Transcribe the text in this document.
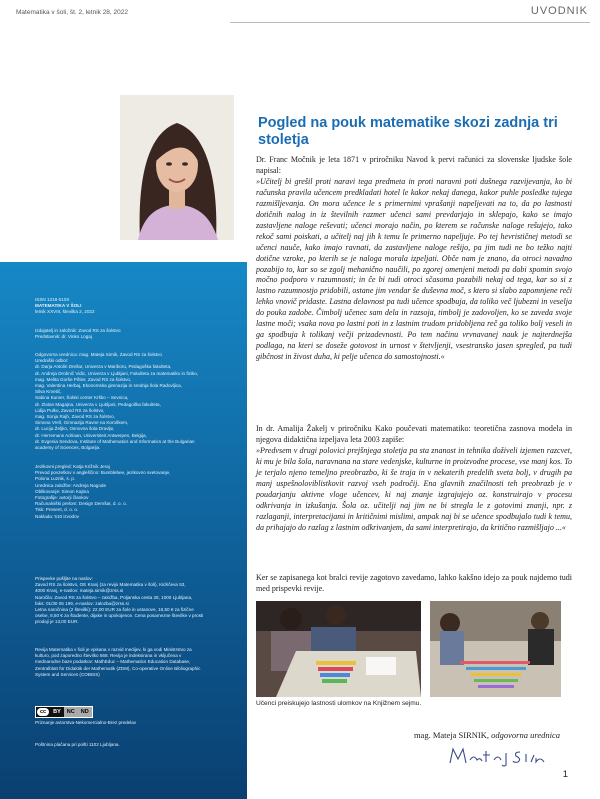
Matematika v šoli, št. 2, letnik 28, 2022	UVODNIK

ISSN 1318-010X

MATEMATIKA V ŠOLI

letnik XXVIII, številka 2, 2022

Izdajatelj in založnik: Zavod RS za šolstvo

Predstavnik: dr. Vinko Logaj

Odgovorna urednica: mag. Mateja Sirnik, Zavod RS za šolstvo

Uredniški odbor:

dr. Darja Antolin Drešar, Univerza v Mariboru, Pedagoška fakulteta,

dr. Andreja Drobnič Vidic, Univerza v Ljubljani, Fakulteta za matematiko in fiziko,

mag. Melita Gorše Pihler, Zavod RS za šolstvo,

mag. Valentina Herbaj, Ekonomska gimnazija in srednja šola Radovljica,

Silva Kmetič,

Sabina Kumer, Šolski center Krško – Sevnica,

dr. Zlatan Magajna, Univerza v Ljubljani, Pedagoška fakulteta,

Lidija Pulko, Zavod RS za šolstvo,

mag. Sonja Rajh, Zavod RS za šolstvo,

Simona Vreš, Gimnazija Ravne na Koroškem,

dr. Lucija Željko, Osnovna šola Dravlje,

dr. Herremans Adriaan, Universiteit Antwerpen, Belgija,

dr. Evgenia Sendova, Institute of Mathematics and Informatics at the Bulgarian

academy of Sciences, Bolgarija.

Jezikovni pregled: Katja Križnik Jeraj

Prevod povzetkov v angleščino: Bumblebee, jezikovno svetovanje,

Polona Luznik, s. p.

Urednica založbe: Andreja Nagode

Oblikovanje: Simon Kajtna

Fotografije: avtorji člankov

Računalniški prelom: Design Demšar, d. o. o.

Tisk: Present, d. o. o.

Naklada: 510 izvodov

Prispevke pošljite na naslov:

Zavod RS za šolstvo, OE Kranj (za revijo Matematika v šoli), Kidričeva 53,

4000 Kranj, e-naslov: mateja.sirnik@zrss.si

Naročila: Zavod RS za šolstvo – založba, Poljanska cesta 28, 1000 Ljubljana,

faks: 01/30 05 199, e-naslov: zalozba@zrss.si

Letna naročnina (2 številki): 22,00 EUR za šole in ustanove, 16,50 € za fizične

osebe, 8,50 € za študente, dijake in upokojence. Cena posamezne številke v prosti

prodaji je 13,00 EUR.

Revija Matematika v šoli je vpisana v razvid medijev, ki ga vodi Ministrstvo za

kulturo, pod zaporedno številko 568. Revija je indeksirana in vključena v

mednarodne baze podatkov: MathEduc – Mathematics Education Database,

Zentralblatt für Didaktik der Mathematik (ZDM), Co-operative Online Bibliographic

System and Services (COBISS)

Priznanje avtorstva-Nekomercialno-Brez predelav

Poštnina plačana pri pošti 1102 Ljubljana.

cc	BY	NC	ND
Pogled na pouk matematike skozi zadnja tri stoletja

Dr. Franc Močnik je leta 1871 v priročniku Navod k pervi računici za slovenske ljudske šole napisal:
»Učitelj bi grešil proti naravi tega predmeta in proti naravni poti dušnega razvijevanja, ko bi računska pravila učencem predkladati hotel le kakor nekaj danega, kakor puhle posledke tujega razmišljevanja. On mora učence le s primernimi vprašanji napeljevati na to, da po lastnosti dotičnih nalog in iz številnih razmer učenci sami prevdarjajo in sklepajo, kako se imajo zastavljene naloge reševati; učenci morajo način, po kterem se računske naloge rešujejo, tako rekoč sami poiskati, a učitelj naj jih k temu le primerno napeljuje. Po tej hevrističnej metodi se učenci nauče, kako imajo ravnati, da zastavljene naloge rešijo, pa jim tudi ne bo težko najti dotične vzroke, po kterih se je naloga morala izpeljati. Obče nam je znano, da otroci navadno pozabijo to, kar so se zgolj mehanično naučili, po zgorej omenjeni metodi pa dobi spomin svojo močno podporo v razumnosti; in če bi tudi otroci sčasoma pozabili nekaj od tega, kar so si z lastno razumnostjo pridobili, ostane jim vendar še duševna moč, s ktero si slabo zapomnjene reči lehko vnovič pridaste. Lastna delavnost pa tudi učence spodbuja, da toliko več ljubezni in veselja do pouka zadobe. Čimbolj učenec sam dela in razsoja, timbolj je zadovoljen, ko se zaveda svoje lastne moči; vsaka nova po lastni poti in z lastnim trudom pridobljena reč ga toliko bolj veseli in ga spodbuja k tolikanj večji prizadevnosti. Po tem načinu vrvnavanej nauk je najterdnejša podlaga, na kteri se doseže gotovost in urnost v štetvljenji, vsestransko jasen spregled, pa tudi gibčnost in živost duha, ki pelje učenca do samostojnosti.«

In dr. Amalija Žakelj v priročniku Kako poučevati matematiko: teoretična zasnova modela in njegova didaktična izpeljava leta 2003 zapiše:
»Predvsem v drugi polovici prejšnjega stoletja pa sta znanost in tehnika doživeli izjemen razcvet, ki mu je bila šola, naravnana na stare vedenjske, kulturne in proizvodne procese, vse manj kos. To je terjalo njeno temeljno preobrazbo, ki še traja in v nekaterih predelih sveta bolj, v drugih pa manj uspešnoloviblistkovit razvoj vseh področij. Ena glavnih značilnosti teh preobrazb je v poudarjanju aktivne vloge učencev, ki naj znanje izgrajujejo oz. konstruirajo v procesu odkrivanja in izkušanja. Šola oz. učitelji naj jim ne bi stregla le z gotovimi znanji, npr. z razlaganji, interpretacijami in kritičnimi mislimi, ampak naj bi se učence spodbujalo tudi k temu, da prihajajo do razlag z lastnim odkrivanjem, da sami interpretirajo, da kritično razmišljajo ...«

Ker se zapisanega kot bralci revije zagotovo zavedamo, lahko kakšno idejo za pouk najdemo tudi med prispevki revije.

Učenci preiskujejo lastnosti ulomkov na Knjižnem sejmu.
mag. Mateja SIRNIK, odgovorna urednica
1
